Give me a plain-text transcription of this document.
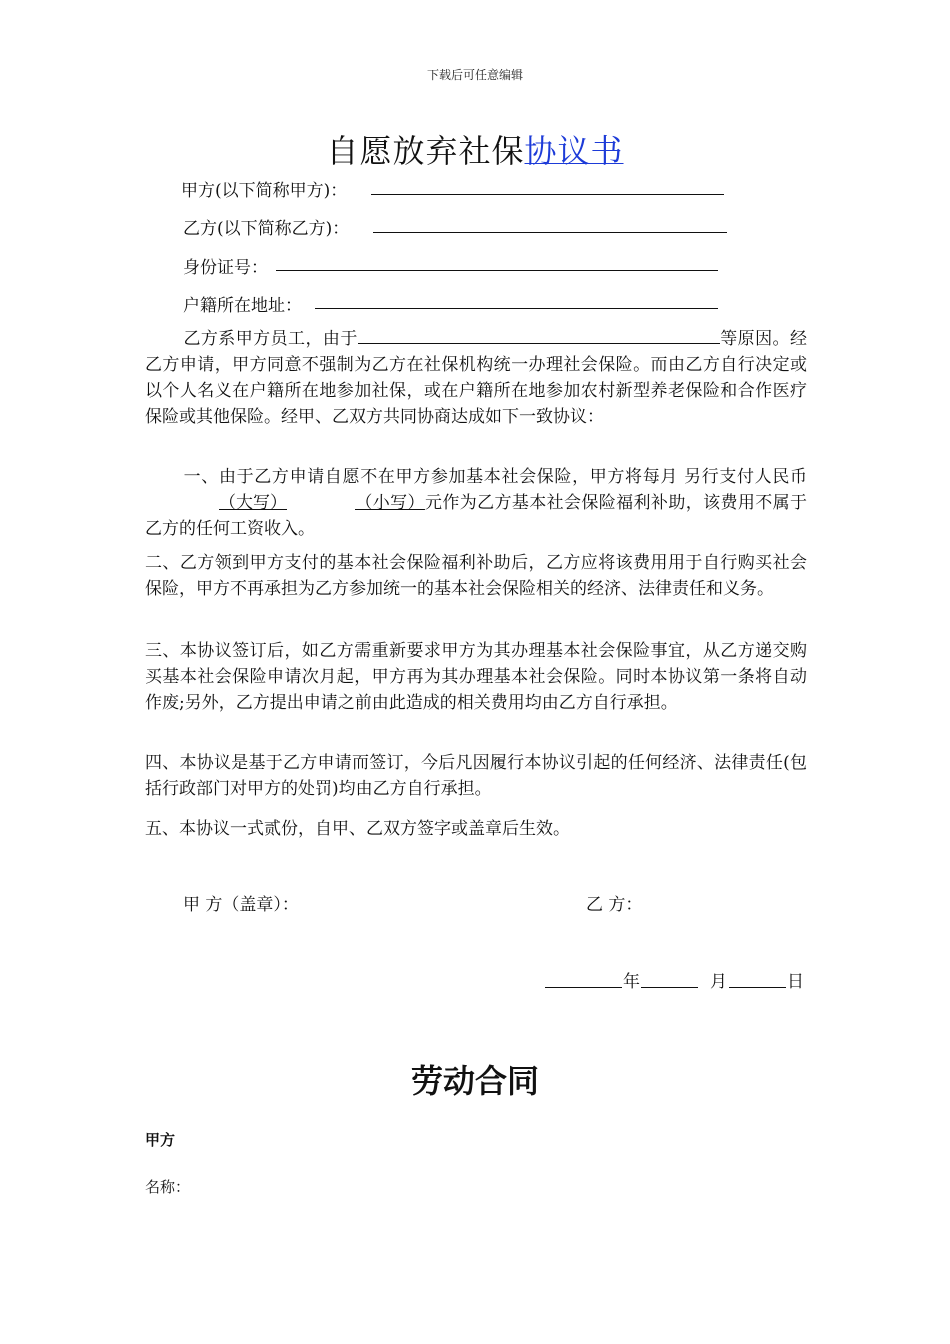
下载后可任意编辑
自愿放弃社保协议书
甲方(以下简称甲方)：
乙方(以下简称乙方)：
身份证号：
户籍所在地址：
乙方系甲方员工，由于	等原因。经乙方申请，甲方同意不强制为乙方在社保机构统一办理社会保险。而由乙方自行决定或以个人名义在户籍所在地参加社保，或在户籍所在地参加农村新型养老保险和合作医疗保险或其他保险。经甲、乙双方共同协商达成如下一致协议：
一、由于乙方申请自愿不在甲方参加基本社会保险，甲方将每月 另行支付人民币（大写）	（小写）元作为乙方基本社会保险福利补助，该费用不属于乙方的任何工资收入。
二、乙方领到甲方支付的基本社会保险福利补助后，乙方应将该费用用于自行购买社会保险，甲方不再承担为乙方参加统一的基本社会保险相关的经济、法律责任和义务。
三、本协议签订后，如乙方需重新要求甲方为其办理基本社会保险事宜，从乙方递交购买基本社会保险申请次月起，甲方再为其办理基本社会保险。同时本协议第一条将自动作废;另外，乙方提出申请之前由此造成的相关费用均由乙方自行承担。
四、本协议是基于乙方申请而签订，今后凡因履行本协议引起的任何经济、法律责任(包括行政部门对甲方的处罚)均由乙方自行承担。
五、本协议一式贰份，自甲、乙双方签字或盖章后生效。
甲 方（盖章）：	乙 方：
年	月	日
劳动合同
甲方
名称：
